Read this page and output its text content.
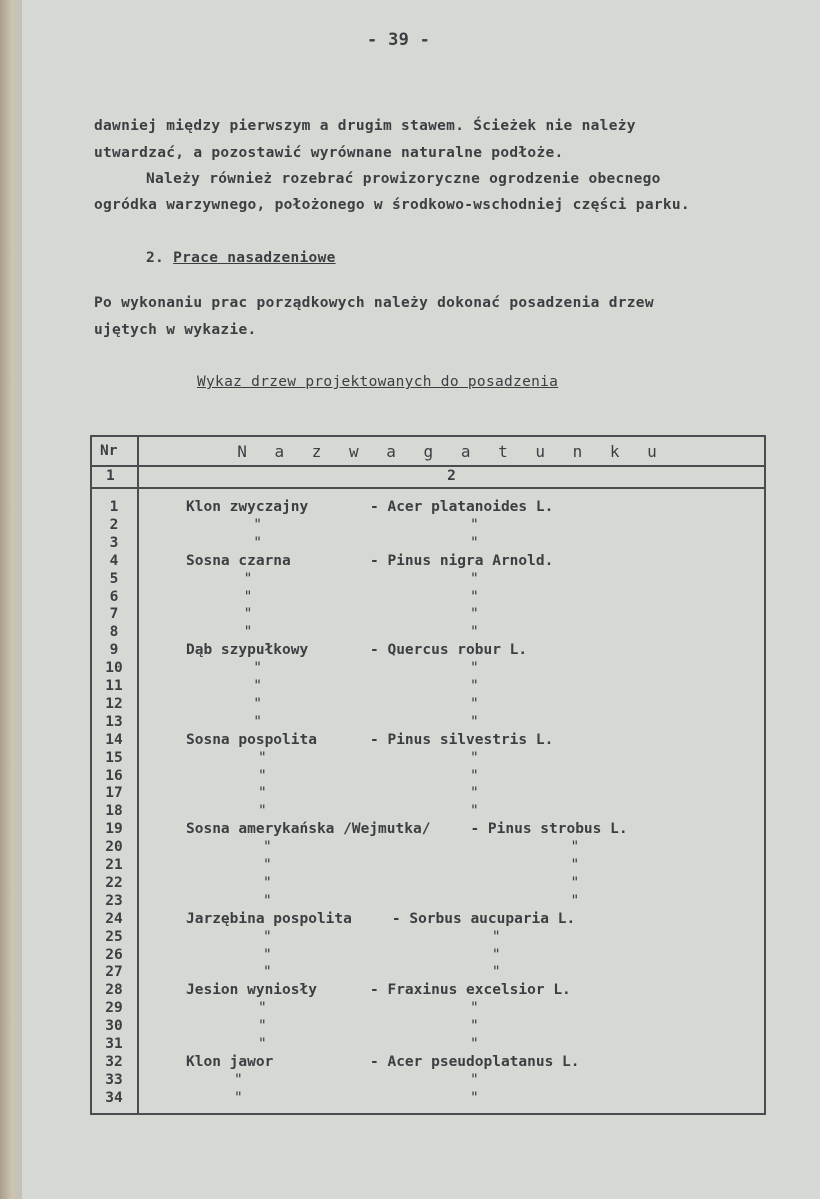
- 39 -
dawniej między pierwszym a drugim stawem. Ścieżek nie należy
utwardzać, a pozostawić wyrównane naturalne podłoże.
Należy również rozebrać prowizoryczne ogrodzenie obecnego
ogródka warzywnego, położonego w środkowo-wschodniej części parku.
2. Prace nasadzeniowe
Po wykonaniu prac porządkowych należy dokonać posadzenia drzew
ujętych w wykazie.
Wykaz drzew projektowanych do posadzenia
Nr	N a z w a g a t u n k u
1	2
1	Klon zwyczajny	- Acer platanoides L.
2	"	"
3	"	"
4	Sosna czarna	- Pinus nigra Arnold.
5	"	"
6	"	"
7	"	"
8	"	"
9	Dąb szypułkowy	- Quercus robur L.
10	"	"
11	"	"
12	"	"
13	"	"
14	Sosna pospolita	- Pinus silvestris L.
15	"	"
16	"	"
17	"	"
18	"	"
19	Sosna amerykańska /Wejmutka/	- Pinus strobus L.
20	"	"
21	"	"
22	"	"
23	"	"
24	Jarzębina pospolita	- Sorbus aucuparia L.
25	"	"
26	"	"
27	"	"
28	Jesion wyniosły	- Fraxinus excelsior L.
29	"	"
30	"	"
31	"	"
32	Klon jawor	- Acer pseudoplatanus L.
33	"	"
34	"	"
